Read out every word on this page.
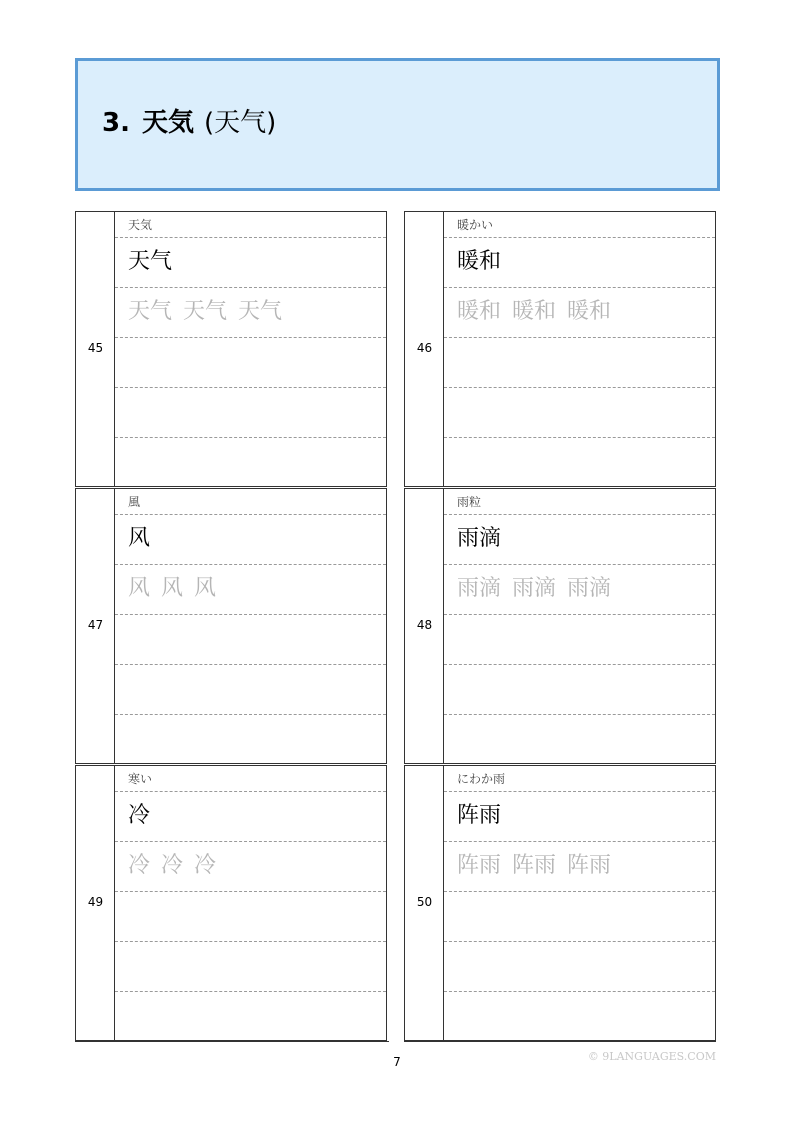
3. 天気 (天气)
45
天気
天气
天气 天气 天气
46
暖かい
暖和
暖和 暖和 暖和
47
風
风
风 风 风
48
雨粒
雨滴
雨滴 雨滴 雨滴
49
寒い
冷
冷 冷 冷
50
にわか雨
阵雨
阵雨 阵雨 阵雨
7	© 9LANGUAGES.COM
